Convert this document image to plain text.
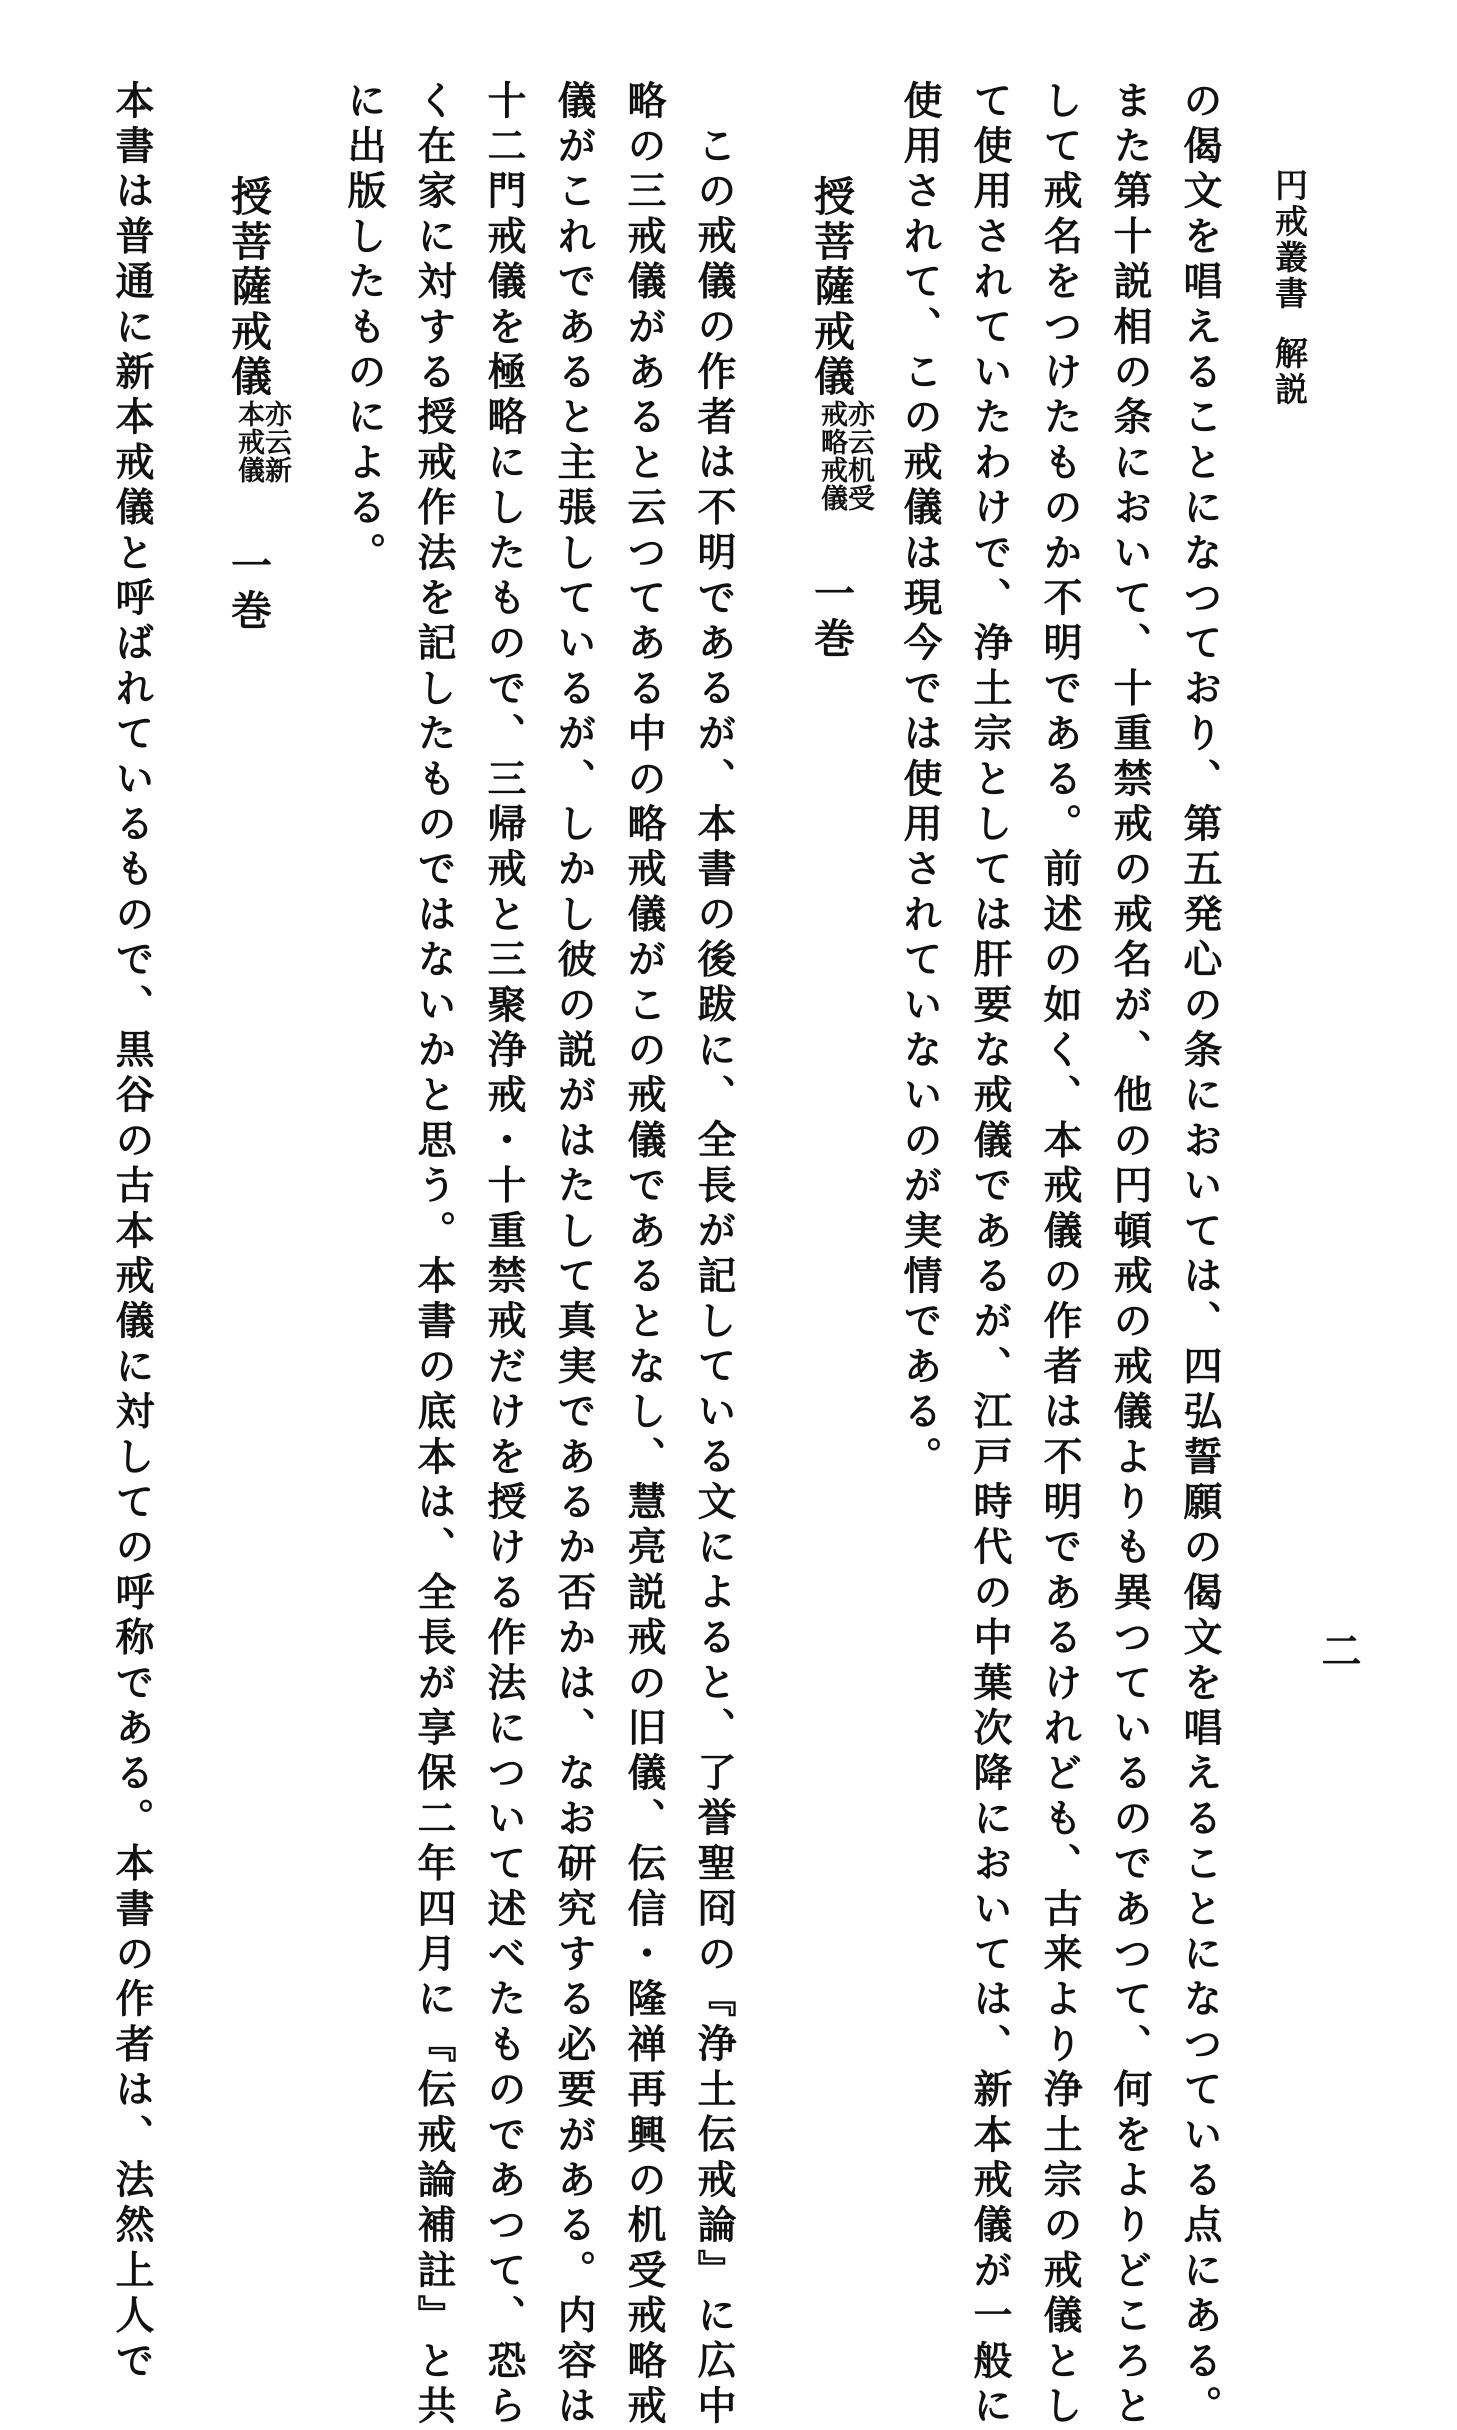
円戒叢書解説
二
の偈文を唱えることになつており、第五発心の条においては、四弘誓願の偈文を唱えることになつている点にある。
また第十説相の条において、十重禁戒の戒名が、他の円頓戒の戒儀よりも異つているのであつて、何をよりどころと
して戒名をつけたものか不明である。前述の如く、本戒儀の作者は不明であるけれども、古来より浄土宗の戒儀とし
て使用されていたわけで、浄土宗としては肝要な戒儀であるが、江戸時代の中葉次降においては、新本戒儀が一般に
使用されて、この戒儀は現今では使用されていないのが実情である。
授菩薩戒儀
亦云机受
戒略戒儀
一巻
この戒儀の作者は不明であるが、本書の後跋に、全長が記している文によると、了誉聖冏の『浄土伝戒論』に広中
略の三戒儀があると云つてある中の略戒儀がこの戒儀であるとなし、慧亮説戒の旧儀、伝信・隆禅再興の机受戒略戒
儀がこれであると主張しているが、しかし彼の説がはたして真実であるか否かは、なお研究する必要がある。内容は
十二門戒儀を極略にしたもので、三帰戒と三聚浄戒・十重禁戒だけを授ける作法について述べたものであつて、恐ら
く在家に対する授戒作法を記したものではないかと思う。本書の底本は、全長が享保二年四月に『伝戒論補註』と共
に出版したものによる。
授菩薩戒儀
亦云新
本戒儀
一巻
本書は普通に新本戒儀と呼ばれているもので、黒谷の古本戒儀に対しての呼称である。本書の作者は、法然上人で
